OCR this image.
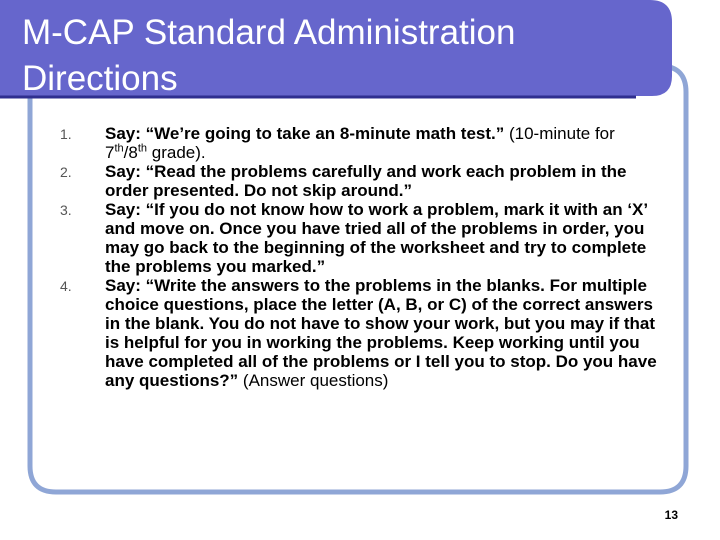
M-CAP Standard Administration
Directions
1. Say: “We’re going to take an 8-minute math test.” (10-minute for 7th/8th grade).
2. Say: “Read the problems carefully and work each problem in the order presented. Do not skip around.”
3. Say: “If you do not know how to work a problem, mark it with an ‘X’ and move on. Once you have tried all of the problems in order, you may go back to the beginning of the worksheet and try to complete the problems you marked.”
4. Say: “Write the answers to the problems in the blanks. For multiple choice questions, place the letter (A, B, or C) of the correct answers in the blank. You do not have to show your work, but you may if that is helpful for you in working the problems. Keep working until you have completed all of the problems or I tell you to stop. Do you have any questions?” (Answer questions)
13
